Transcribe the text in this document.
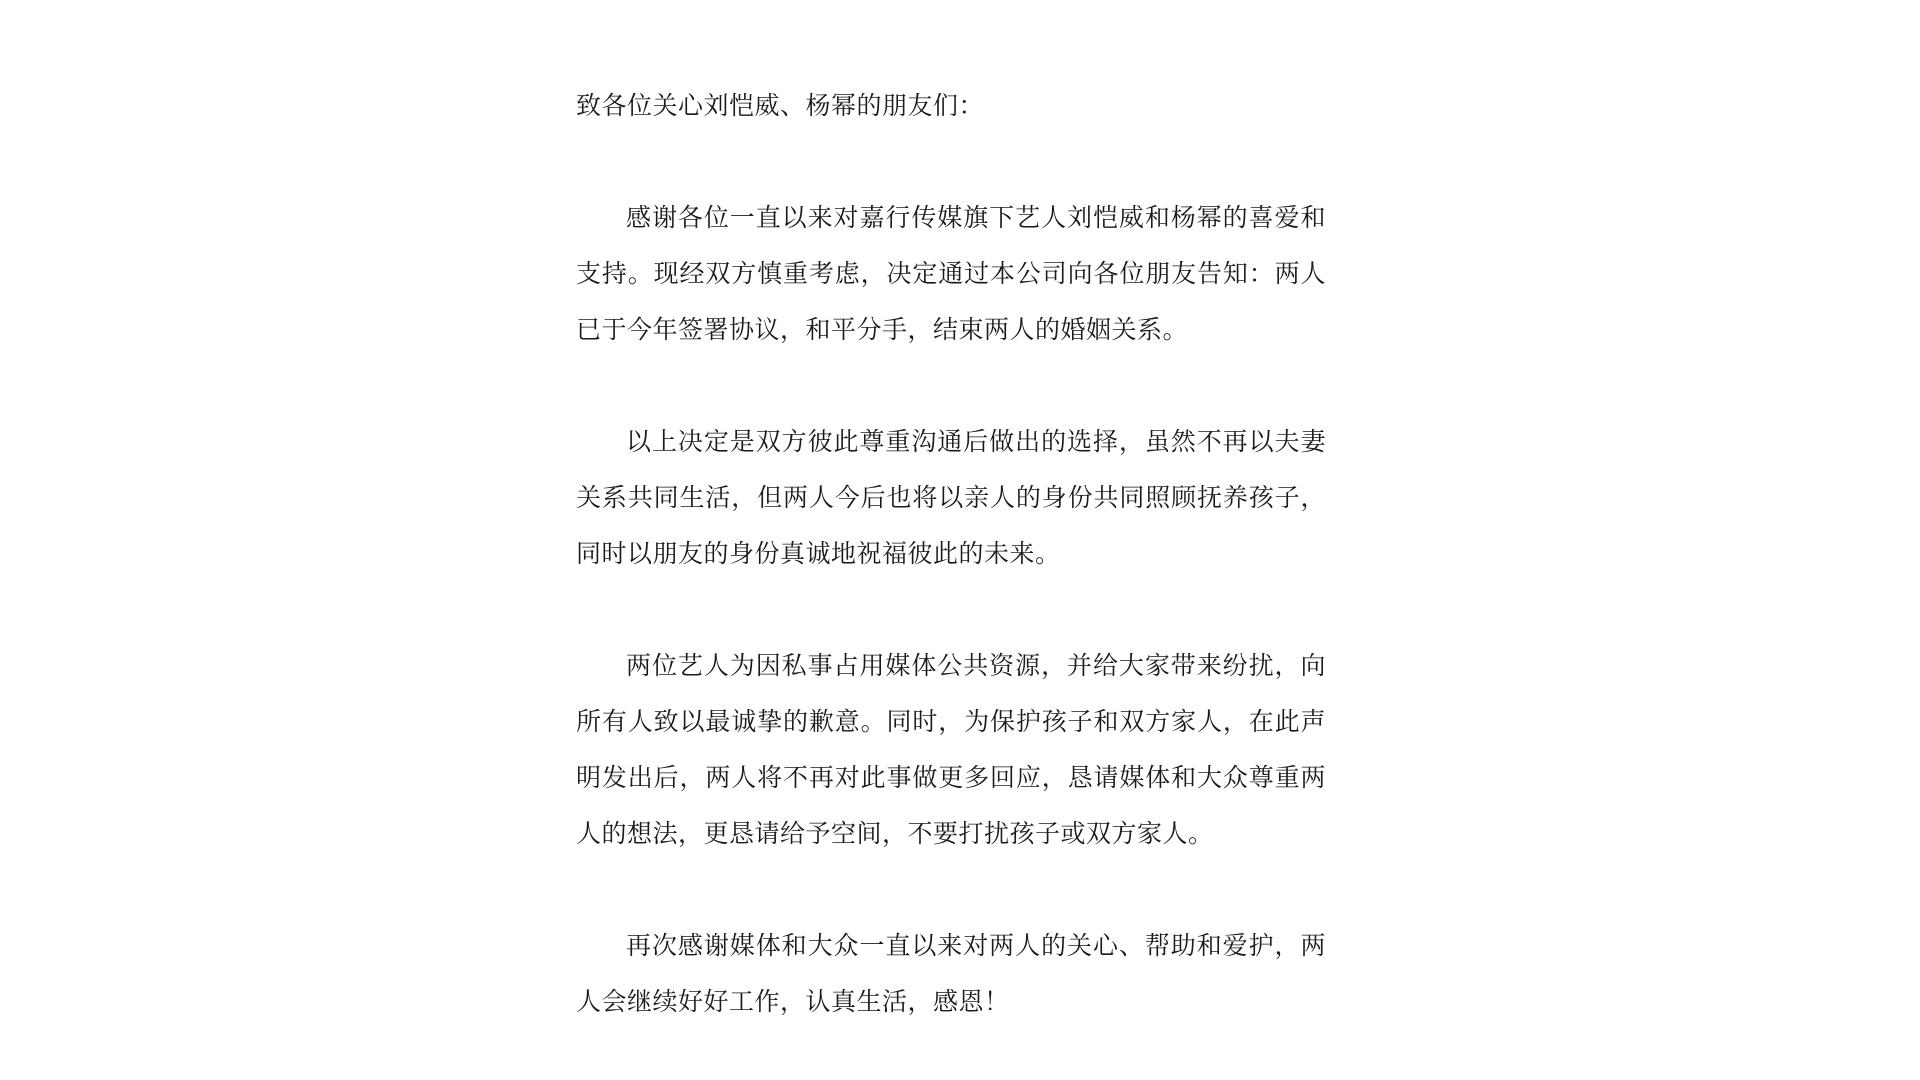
致各位关心刘恺威、杨幂的朋友们：

感谢各位一直以来对嘉行传媒旗下艺人刘恺威和杨幂的喜爱和支持。现经双方慎重考虑，决定通过本公司向各位朋友告知：两人已于今年签署协议，和平分手，结束两人的婚姻关系。

以上决定是双方彼此尊重沟通后做出的选择，虽然不再以夫妻关系共同生活，但两人今后也将以亲人的身份共同照顾抚养孩子，同时以朋友的身份真诚地祝福彼此的未来。

两位艺人为因私事占用媒体公共资源，并给大家带来纷扰，向所有人致以最诚挚的歉意。同时，为保护孩子和双方家人，在此声明发出后，两人将不再对此事做更多回应，恳请媒体和大众尊重两人的想法，更恳请给予空间，不要打扰孩子或双方家人。

再次感谢媒体和大众一直以来对两人的关心、帮助和爱护，两人会继续好好工作，认真生活，感恩！
